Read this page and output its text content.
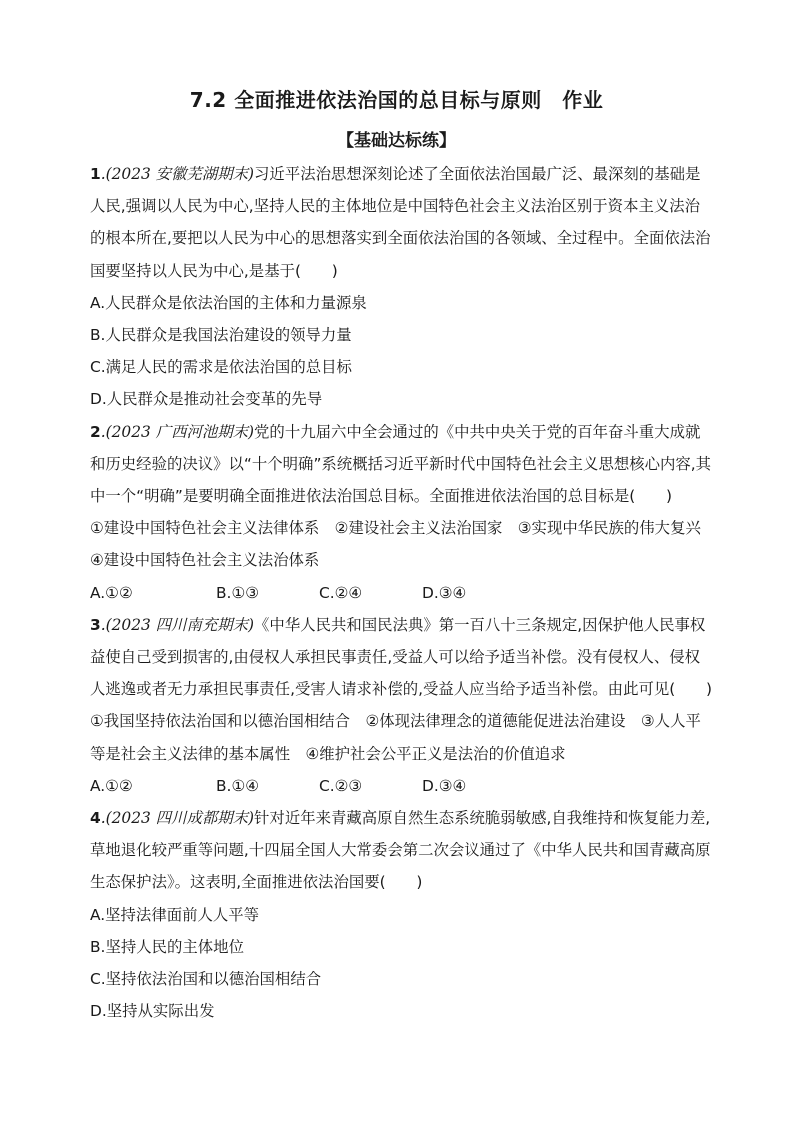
7.2 全面推进依法治国的总目标与原则　作业
【基础达标练】

1.(2023 安徽芜湖期末)习近平法治思想深刻论述了全面依法治国最广泛、最深刻的基础是人民,强调以人民为中心,坚持人民的主体地位是中国特色社会主义法治区别于资本主义法治的根本所在,要把以人民为中心的思想落实到全面依法治国的各领域、全过程中。全面依法治国要坚持以人民为中心,是基于(　　)

A.人民群众是依法治国的主体和力量源泉

B.人民群众是我国法治建设的领导力量

C.满足人民的需求是依法治国的总目标

D.人民群众是推动社会变革的先导

2.(2023 广西河池期末)党的十九届六中全会通过的《中共中央关于党的百年奋斗重大成就和历史经验的决议》以“十个明确”系统概括习近平新时代中国特色社会主义思想核心内容,其中一个“明确”是要明确全面推进依法治国总目标。全面推进依法治国的总目标是(　　)

①建设中国特色社会主义法律体系　②建设社会主义法治国家　③实现中华民族的伟大复兴　④建设中国特色社会主义法治体系

A.①②	B.①③	C.②④	D.③④

3.(2023 四川南充期末)《中华人民共和国民法典》第一百八十三条规定,因保护他人民事权益使自己受到损害的,由侵权人承担民事责任,受益人可以给予适当补偿。没有侵权人、侵权人逃逸或者无力承担民事责任,受害人请求补偿的,受益人应当给予适当补偿。由此可见(　　)

①我国坚持依法治国和以德治国相结合　②体现法律理念的道德能促进法治建设　③人人平等是社会主义法律的基本属性　④维护社会公平正义是法治的价值追求

A.①②	B.①④	C.②③	D.③④

4.(2023 四川成都期末)针对近年来青藏高原自然生态系统脆弱敏感,自我维持和恢复能力差,草地退化较严重等问题,十四届全国人大常委会第二次会议通过了《中华人民共和国青藏高原生态保护法》。这表明,全面推进依法治国要(　　)

A.坚持法律面前人人平等

B.坚持人民的主体地位

C.坚持依法治国和以德治国相结合

D.坚持从实际出发
